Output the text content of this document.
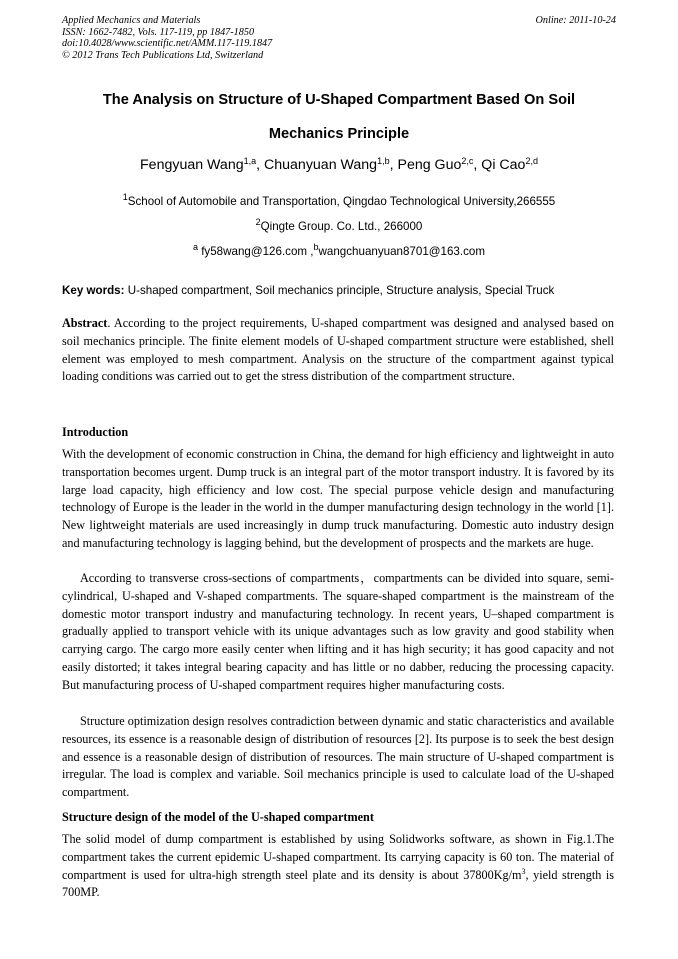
Applied Mechanics and Materials
ISSN: 1662-7482, Vols. 117-119, pp 1847-1850
doi:10.4028/www.scientific.net/AMM.117-119.1847
© 2012 Trans Tech Publications Ltd, Switzerland
Online: 2011-10-24
The Analysis on Structure of U-Shaped Compartment Based On Soil
Mechanics Principle
Fengyuan Wang$^{1,a}$, Chuanyuan Wang$^{1,b}$, Peng Guo$^{2,c}$, Qi Cao$^{2,d}$
$^1$School of Automobile and Transportation, Qingdao Technological University,266555
$^2$Qingte Group. Co. Ltd., 266000
$^a$ fy58wang@126.com ,$^b$wangchuanyuan8701@163.com
Key words: U-shaped compartment, Soil mechanics principle, Structure analysis, Special Truck
Abstract. According to the project requirements, U-shaped compartment was designed and analysed based on soil mechanics principle. The finite element models of U-shaped compartment structure were established, shell element was employed to mesh compartment. Analysis on the structure of the compartment against typical loading conditions was carried out to get the stress distribution of the compartment structure.
Introduction
With the development of economic construction in China, the demand for high efficiency and lightweight in auto transportation becomes urgent. Dump truck is an integral part of the motor transport industry. It is favored by its large load capacity, high efficiency and low cost. The special purpose vehicle design and manufacturing technology of Europe is the leader in the world in the dumper manufacturing design technology in the world [1]. New lightweight materials are used increasingly in dump truck manufacturing. Domestic auto industry design and manufacturing technology is lagging behind, but the development of prospects and the markets are huge.
According to transverse cross-sections of compartments，compartments can be divided into square, semi-cylindrical, U-shaped and V-shaped compartments. The square-shaped compartment is the mainstream of the domestic motor transport industry and manufacturing technology. In recent years, U–shaped compartment is gradually applied to transport vehicle with its unique advantages such as low gravity and good stability when carrying cargo. The cargo more easily center when lifting and it has high security; it has good capacity and not easily distorted; it takes integral bearing capacity and has little or no dabber, reducing the processing capacity. But manufacturing process of U-shaped compartment requires higher manufacturing costs.
Structure optimization design resolves contradiction between dynamic and static characteristics and available resources, its essence is a reasonable design of distribution of resources [2]. Its purpose is to seek the best design and essence is a reasonable design of distribution of resources. The main structure of U-shaped compartment is irregular. The load is complex and variable. Soil mechanics principle is used to calculate load of the U-shaped compartment.
Structure design of the model of the U-shaped compartment
The solid model of dump compartment is established by using Solidworks software, as shown in Fig.1.The compartment takes the current epidemic U-shaped compartment. Its carrying capacity is 60 ton. The material of compartment is used for ultra-high strength steel plate and its density is about $37800Kg/m^3$, yield strength is 700MP.
